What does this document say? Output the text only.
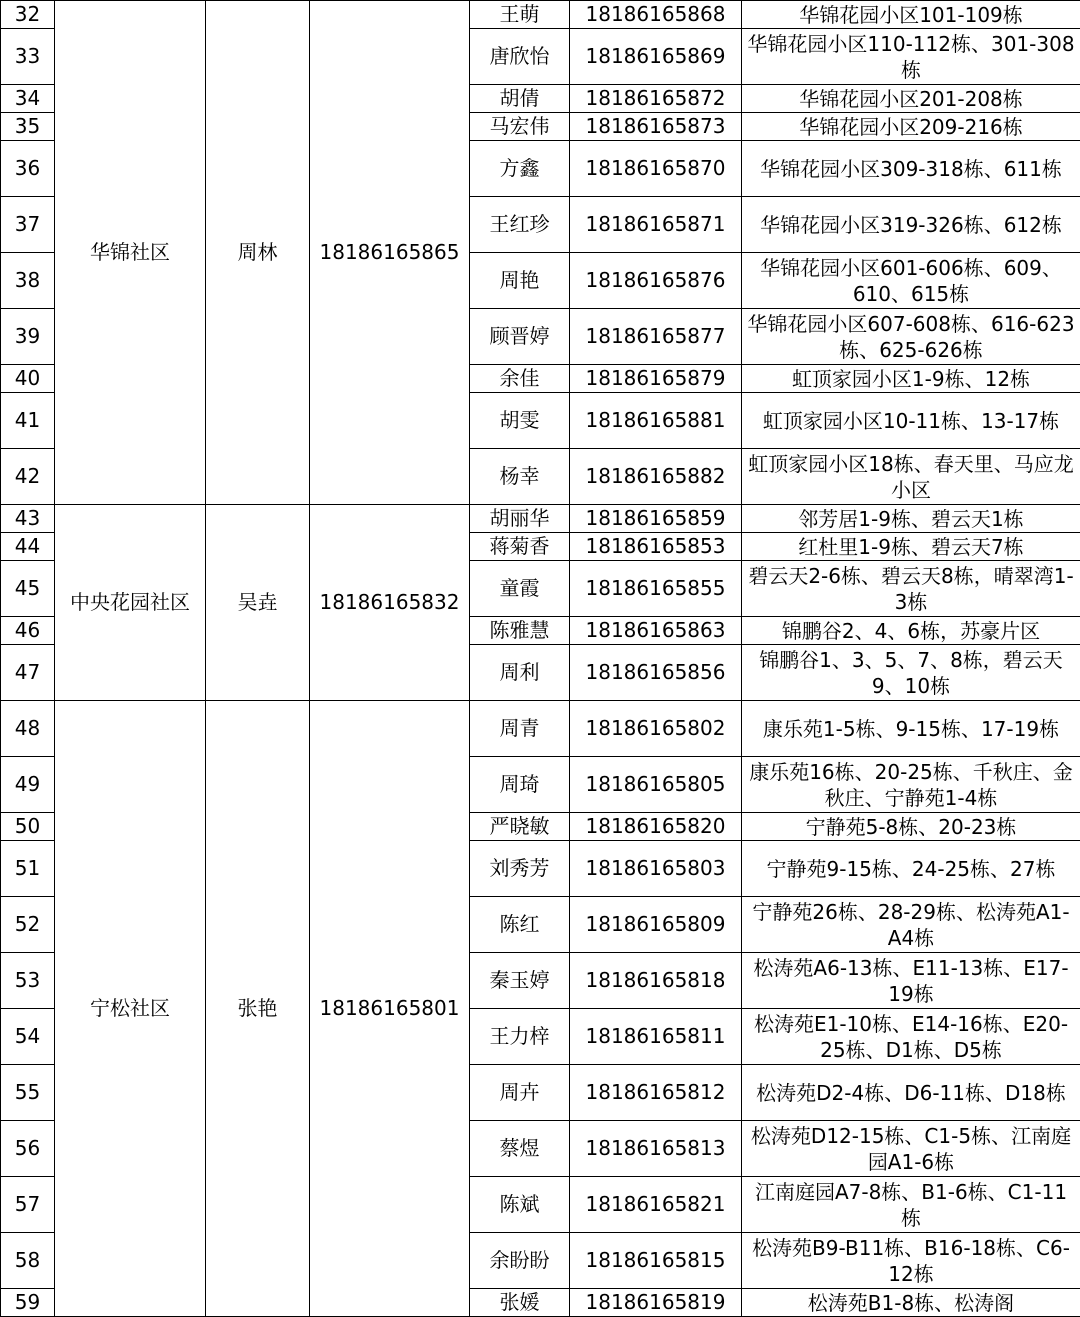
32	华锦社区	周林	18186165865	王萌	18186165868	华锦花园小区101-109栋
33				唐欣怡	18186165869	华锦花园小区110-112栋、301-308栋
34				胡倩	18186165872	华锦花园小区201-208栋
35				马宏伟	18186165873	华锦花园小区209-216栋
36				方鑫	18186165870	华锦花园小区309-318栋、611栋
37				王红珍	18186165871	华锦花园小区319-326栋、612栋
38				周艳	18186165876	华锦花园小区601-606栋、609、610、615栋
39				顾晋婷	18186165877	华锦花园小区607-608栋、616-623栋、625-626栋
40				余佳	18186165879	虹顶家园小区1-9栋、12栋
41				胡雯	18186165881	虹顶家园小区10-11栋、13-17栋
42				杨幸	18186165882	虹顶家园小区18栋、春天里、马应龙小区
43	中央花园社区	吴垚	18186165832	胡丽华	18186165859	邻芳居1-9栋、碧云天1栋
44				蒋菊香	18186165853	红杜里1-9栋、碧云天7栋
45				童霞	18186165855	碧云天2-6栋、碧云天8栋，晴翠湾1-3栋
46				陈雅慧	18186165863	锦鹏谷2、4、6栋，苏豪片区
47				周利	18186165856	锦鹏谷1、3、5、7、8栋，碧云天9、10栋
48	宁松社区	张艳	18186165801	周青	18186165802	康乐苑1-5栋、9-15栋、17-19栋
49				周琦	18186165805	康乐苑16栋、20-25栋、千秋庄、金秋庄、宁静苑1-4栋
50				严晓敏	18186165820	宁静苑5-8栋、20-23栋
51				刘秀芳	18186165803	宁静苑9-15栋、24-25栋、27栋
52				陈红	18186165809	宁静苑26栋、28-29栋、松涛苑A1-A4栋
53				秦玉婷	18186165818	松涛苑A6-13栋、E11-13栋、E17-19栋
54				王力梓	18186165811	松涛苑E1-10栋、E14-16栋、E20-25栋、D1栋、D5栋
55				周卉	18186165812	松涛苑D2-4栋、D6-11栋、D18栋
56				蔡煜	18186165813	松涛苑D12-15栋、C1-5栋、江南庭园A1-6栋
57				陈斌	18186165821	江南庭园A7-8栋、B1-6栋、C1-11栋
58				余盼盼	18186165815	松涛苑B9-B11栋、B16-18栋、C6-12栋
59				张媛	18186165819	松涛苑B1-8栋、松涛阁
